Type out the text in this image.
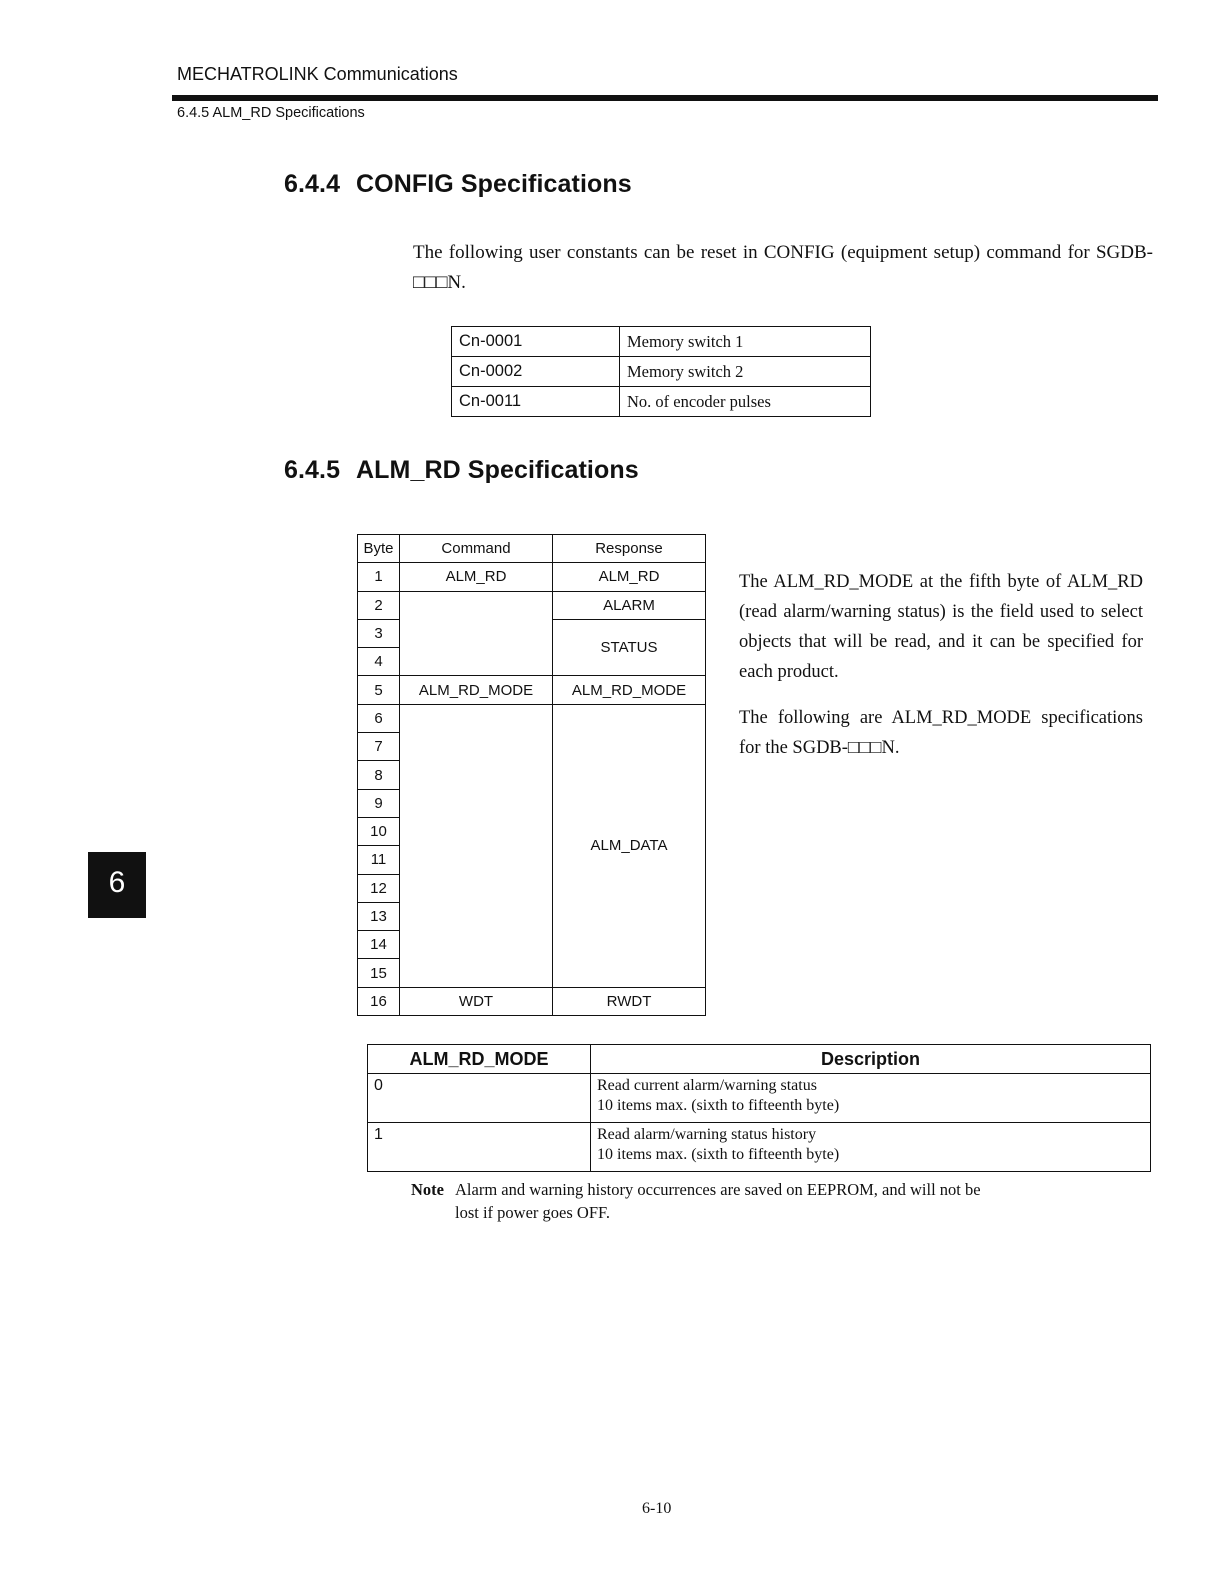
MECHATROLINK Communications
6.4.5 ALM_RD Specifications
6.4.4 CONFIG Specifications
The following user constants can be reset in CONFIG (equipment setup) command for SGDB-□□□N.
Cn-0001	Memory switch 1
Cn-0002	Memory switch 2
Cn-0011	No. of encoder pulses
6.4.5 ALM_RD Specifications
Byte	Command	Response
1	ALM_RD	ALM_RD
2		ALARM
3		STATUS
4		
5	ALM_RD_MODE	ALM_RD_MODE
6		ALM_DATA
7		
8		
9		
10		
11		
12		
13		
14		
15		
16	WDT	RWDT

The ALM_RD_MODE at the fifth byte of ALM_RD (read alarm/warning status) is the field used to select objects that will be read, and it can be specified for each product.

The following are ALM_RD_MODE specifications for the SGDB-□□□N.

ALM_RD_MODE	Description
0	Read current alarm/warning status
10 items max. (sixth to fifteenth byte)

1	Read alarm/warning status history
10 items max. (sixth to fifteenth byte)
Note Alarm and warning history occurrences are saved on EEPROM, and will not be
lost if power goes OFF.
6
6-10
